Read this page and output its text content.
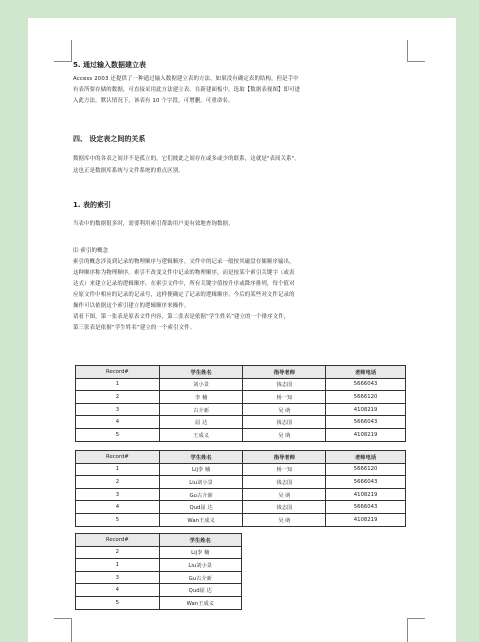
5. 通过输入数据建立表

Access 2003 还提供了一种通过输入数据建立表的方法。如果没有确定表的结构，但是手中

有表所要存储的数据，可直接采用此方法建立表。在新建面板中，选取【数据表视图】即可进

入此方法。默认情况下，该表有 10 个字段，可增删，可重命名。

四、 设定表之间的关系

数据库中的各表之间并不是孤立的，它们彼此之间存在或多或少的联系，这就是"表间关系"。

这也正是数据库系统与文件系统的重点区别。

1. 表的索引

当表中的数据很多时，需要利用索引帮助用户更有效地查询数据。

⑴ 索引的概念

索引的概念涉及到记录的物理顺序与逻辑顺序。文件中的记录一般按其磁盘存储顺序输出，

这种顺序称为物理顺序。索引不改变文件中记录的物理顺序，而是按某个索引关键字（或表

达式）来建立记录的逻辑顺序。在索引文件中，所有关键字值按升序或降序排列，每个值对

应原文件中相应的记录的记录号，这样便确定了记录的逻辑顺序。今后的某些对文件记录的

操作可以依据这个索引建立的逻辑顺序来操作。

请看下图，第一张表是原表文件内容，第二张表是依据“学生姓名”建立的一个排序文件，

第三张表是依据“学生姓名”建立的一个索引文件。

Record#	学生姓名	指导老师	老师电话
1	刘小景	钱志国	5666043
2	李 楠	杨一知	5666120
3	古介新	吴 萌	4108219
4	屈 达	钱志国	5666043
5	王成义	吴 萌	4108219
Record#	学生姓名	指导老师	老师电话
1	Lij李 楠	杨一知	5666120
2	Liu刘小景	钱志国	5666043
3	Gu古介新	吴 萌	4108219
4	Qud屈 达	钱志国	5666043
5	Wan王成义	吴 萌	4108219
Record#	学生姓名
2	Lij李 楠
1	Liu刘小景
3	Gu古介新
4	Qud屈 达
5	Wan王成义
